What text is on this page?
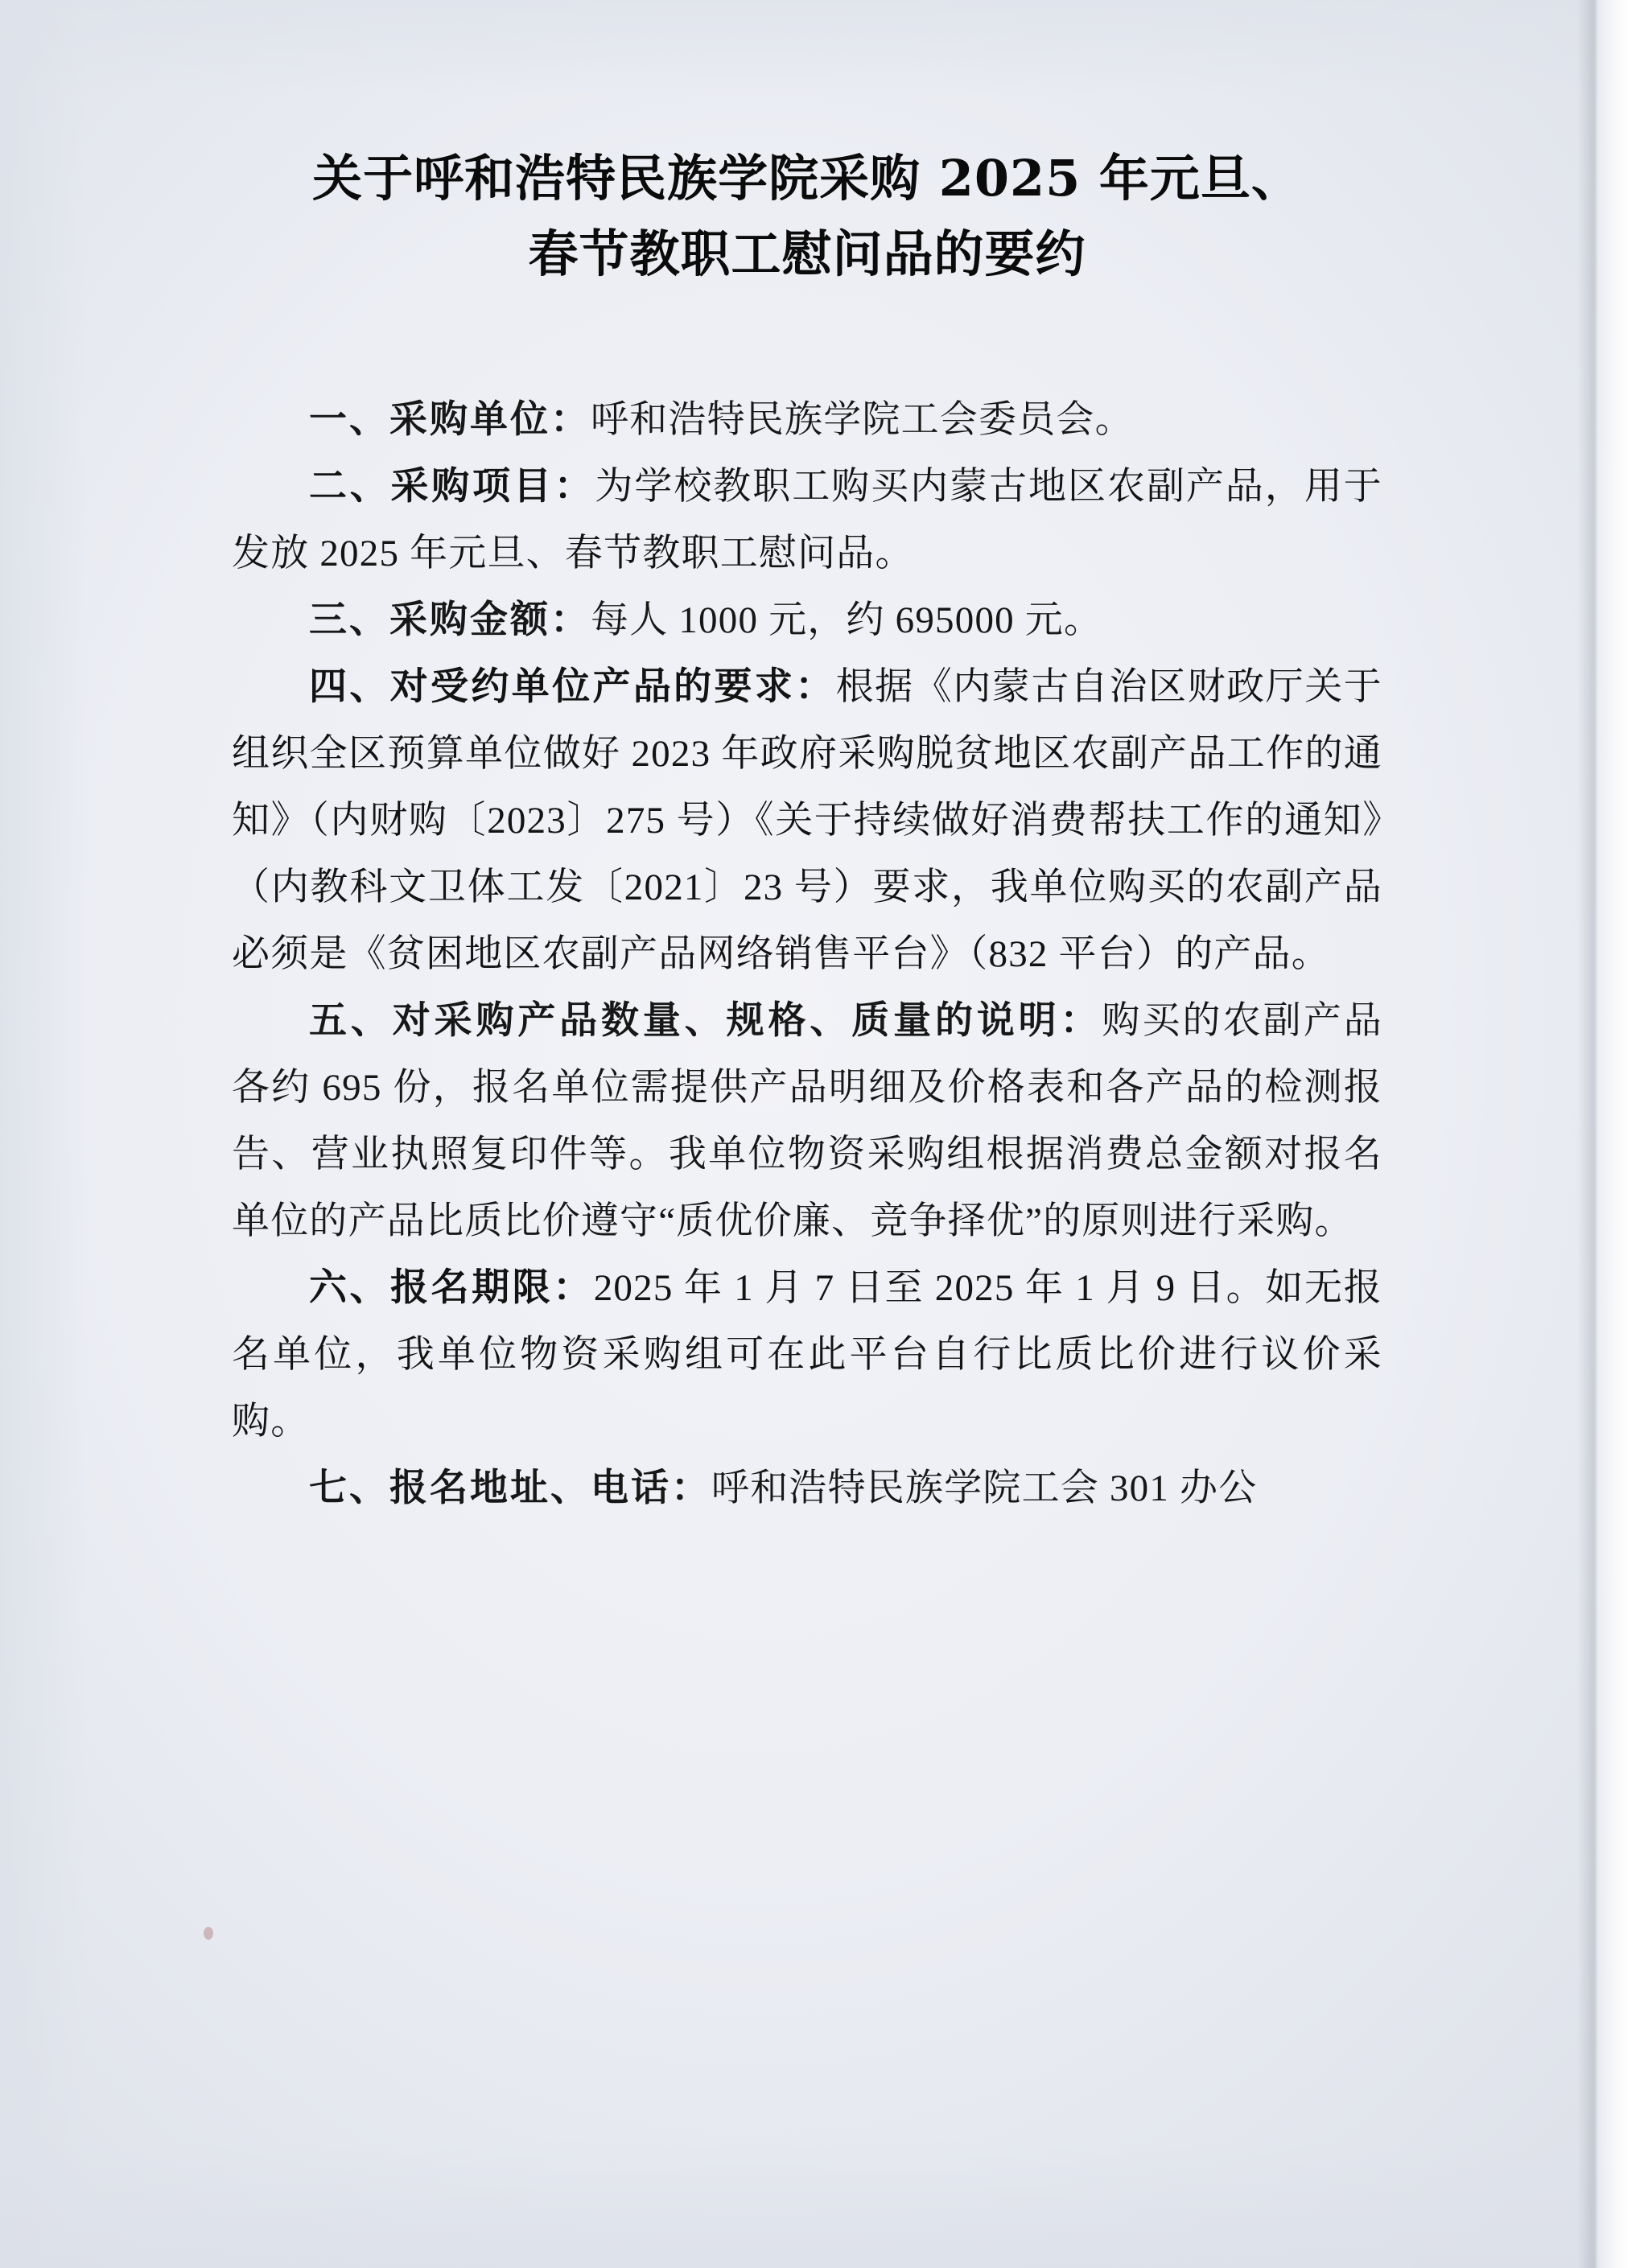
关于呼和浩特民族学院采购 2025 年元旦、
春节教职工慰问品的要约

一、采购单位：呼和浩特民族学院工会委员会。

二、采购项目：为学校教职工购买内蒙古地区农副产品，用于发放 2025 年元旦、春节教职工慰问品。

三、采购金额：每人 1000 元，约 695000 元。

四、对受约单位产品的要求：根据《内蒙古自治区财政厅关于组织全区预算单位做好 2023 年政府采购脱贫地区农副产品工作的通知》（内财购〔2023〕275 号）《关于持续做好消费帮扶工作的通知》（内教科文卫体工发〔2021〕23 号）要求，我单位购买的农副产品必须是《贫困地区农副产品网络销售平台》（832 平台）的产品。

五、对采购产品数量、规格、质量的说明：购买的农副产品各约 695 份，报名单位需提供产品明细及价格表和各产品的检测报告、营业执照复印件等。我单位物资采购组根据消费总金额对报名单位的产品比质比价遵守“质优价廉、竞争择优”的原则进行采购。

六、报名期限：2025 年 1 月 7 日至 2025 年 1 月 9 日。如无报名单位，我单位物资采购组可在此平台自行比质比价进行议价采购。

七、报名地址、电话：呼和浩特民族学院工会 301 办公
